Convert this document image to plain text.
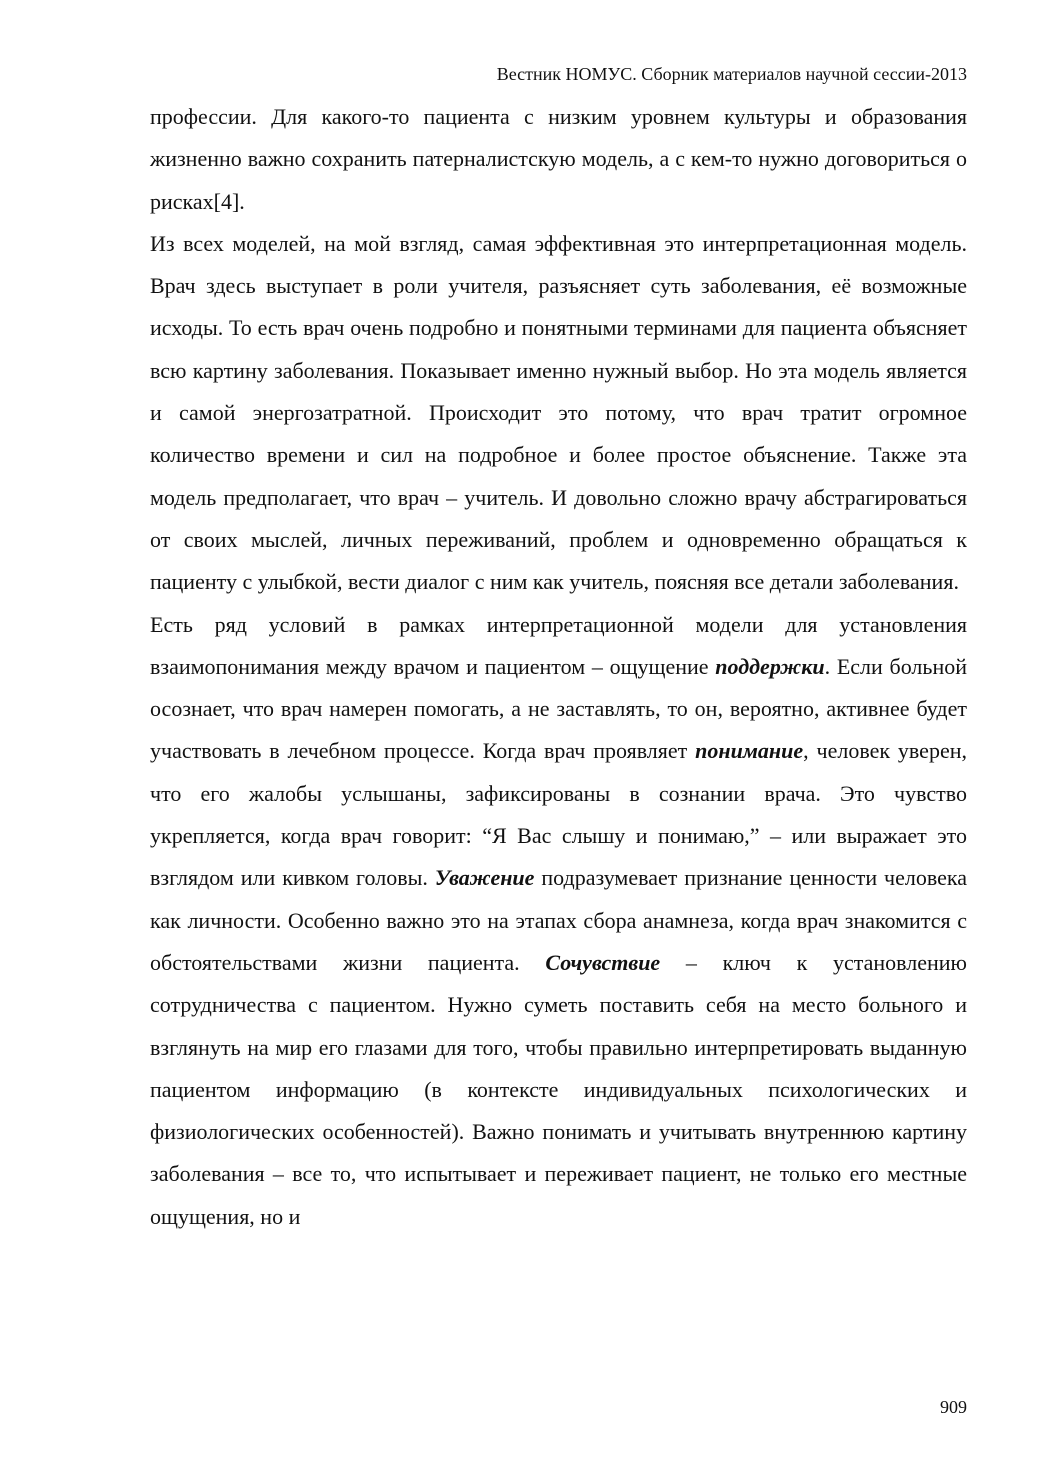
Вестник НОМУС. Сборник материалов научной сессии-2013

профессии. Для какого-то пациента с низким уровнем культуры и образования жизненно важно сохранить патерналистскую модель, а с кем-то нужно договориться о рисках[4].

Из всех моделей, на мой взгляд, самая эффективная это интерпретационная модель. Врач здесь выступает в роли учителя, разъясняет суть заболевания, её возможные исходы. То есть врач очень подробно и понятными терминами для пациента объясняет всю картину заболевания. Показывает именно нужный выбор. Но эта модель является и самой энергозатратной. Происходит это потому, что врач тратит огромное количество времени и сил на подробное и более простое объяснение. Также эта модель предполагает, что врач – учитель. И довольно сложно врачу абстрагироваться от своих мыслей, личных переживаний, проблем и одновременно обращаться к пациенту с улыбкой, вести диалог с ним как учитель, поясняя все детали заболевания.

Есть ряд условий в рамках интерпретационной модели для установления взаимопонимания между врачом и пациентом – ощущение поддержки. Если больной осознает, что врач намерен помогать, а не заставлять, то он, вероятно, активнее будет участвовать в лечебном процессе. Когда врач проявляет понимание, человек уверен, что его жалобы услышаны, зафиксированы в сознании врача. Это чувство укрепляется, когда врач говорит: “Я Вас слышу и понимаю,” – или выражает это взглядом или кивком головы. Уважение подразумевает признание ценности человека как личности. Особенно важно это на этапах сбора анамнеза, когда врач знакомится с обстоятельствами жизни пациента. Сочувствие – ключ к установлению сотрудничества с пациентом. Нужно суметь поставить себя на место больного и взглянуть на мир его глазами для того, чтобы правильно интерпретировать выданную пациентом информацию (в контексте индивидуальных психологических и физиологических особенностей). Важно понимать и учитывать внутреннюю картину заболевания – все то, что испытывает и переживает пациент, не только его местные ощущения, но и

909
